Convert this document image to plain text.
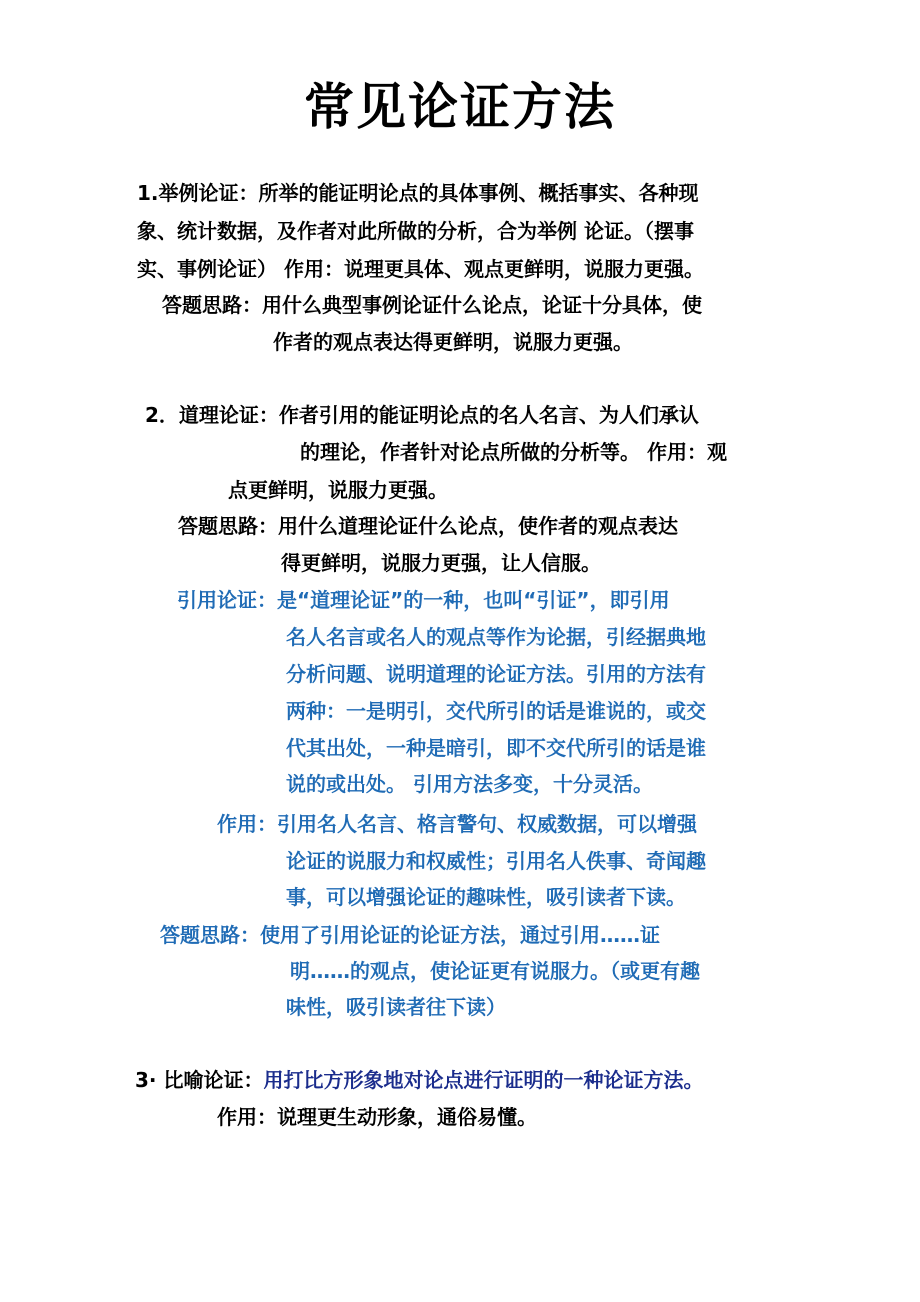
常见论证方法
1.举例论证：所举的能证明论点的具体事例、概括事实、各种现
象、统计数据，及作者对此所做的分析，合为举例 论证。（摆事
实、事例论证） 作用：说理更具体、观点更鲜明，说服力更强。
答题思路：用什么典型事例论证什么论点，论证十分具体，使
作者的观点表达得更鲜明，说服力更强。
2．道理论证：作者引用的能证明论点的名人名言、为人们承认
的理论，作者针对论点所做的分析等。 作用：观
点更鲜明，说服力更强。
答题思路：用什么道理论证什么论点，使作者的观点表达
得更鲜明，说服力更强，让人信服。
引用论证：是“道理论证”的一种，也叫“引证”，即引用
名人名言或名人的观点等作为论据，引经据典地
分析问题、说明道理的论证方法。引用的方法有
两种：一是明引，交代所引的话是谁说的，或交
代其出处，一种是暗引，即不交代所引的话是谁
说的或出处。 引用方法多变，十分灵活。
作用：引用名人名言、格言警句、权威数据，可以增强
论证的说服力和权威性；引用名人佚事、奇闻趣
事，可以增强论证的趣味性，吸引读者下读。
答题思路：使用了引用论证的论证方法，通过引用……证
明……的观点，使论证更有说服力。（或更有趣
味性，吸引读者往下读）
3· 比喻论证：用打比方形象地对论点进行证明的一种论证方法。
作用：说理更生动形象，通俗易懂。
